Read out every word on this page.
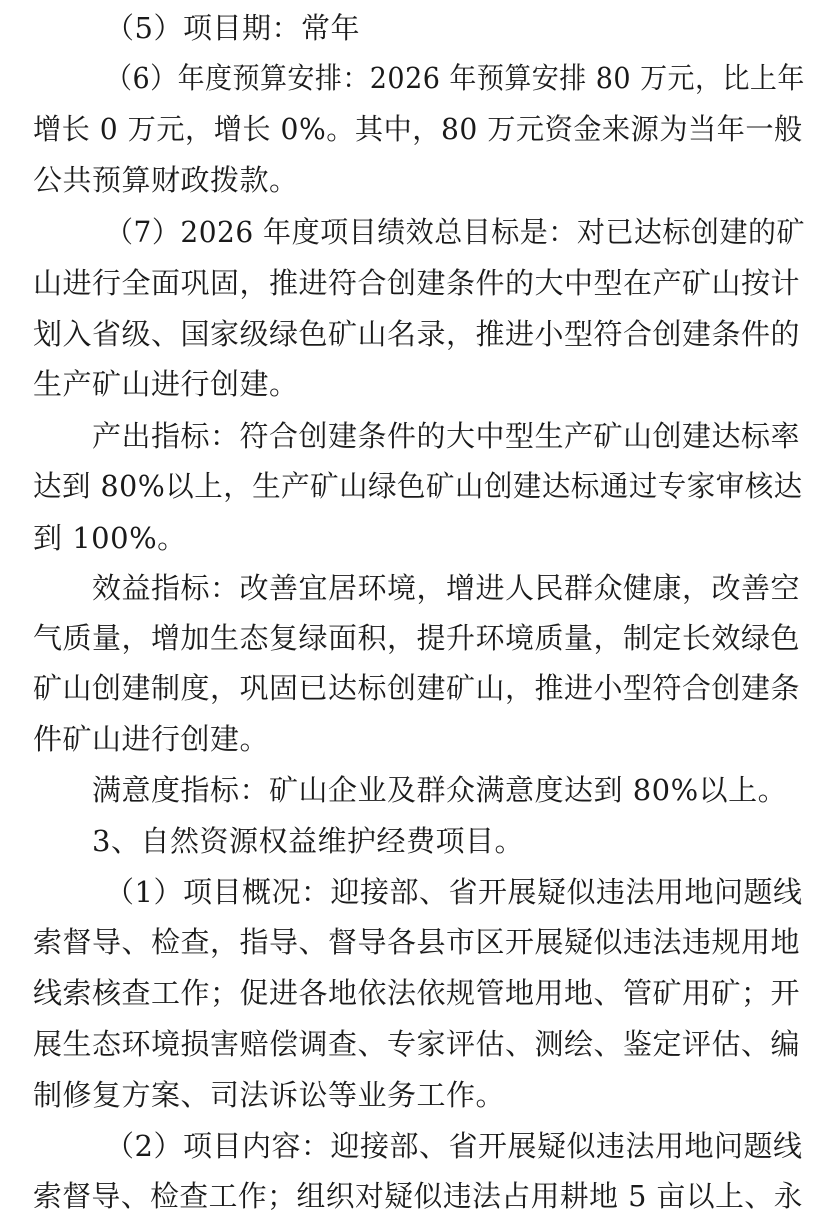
（5）项目期：常年
（6）年度预算安排：2026 年预算安排 80 万元，比上年
增长 0 万元，增长 0%。其中，80 万元资金来源为当年一般
公共预算财政拨款。
（7）2026 年度项目绩效总目标是：对已达标创建的矿
山进行全面巩固，推进符合创建条件的大中型在产矿山按计
划入省级、国家级绿色矿山名录，推进小型符合创建条件的
生产矿山进行创建。
产出指标：符合创建条件的大中型生产矿山创建达标率
达到 80%以上，生产矿山绿色矿山创建达标通过专家审核达
到 100%。
效益指标：改善宜居环境，增进人民群众健康，改善空
气质量，增加生态复绿面积，提升环境质量，制定长效绿色
矿山创建制度，巩固已达标创建矿山，推进小型符合创建条
件矿山进行创建。
满意度指标：矿山企业及群众满意度达到 80%以上。
3、自然资源权益维护经费项目。
（1）项目概况：迎接部、省开展疑似违法用地问题线
索督导、检查，指导、督导各县市区开展疑似违法违规用地
线索核查工作；促进各地依法依规管地用地、管矿用矿；开
展生态环境损害赔偿调查、专家评估、测绘、鉴定评估、编
制修复方案、司法诉讼等业务工作。
（2）项目内容：迎接部、省开展疑似违法用地问题线
索督导、检查工作；组织对疑似违法占用耕地 5 亩以上、永
